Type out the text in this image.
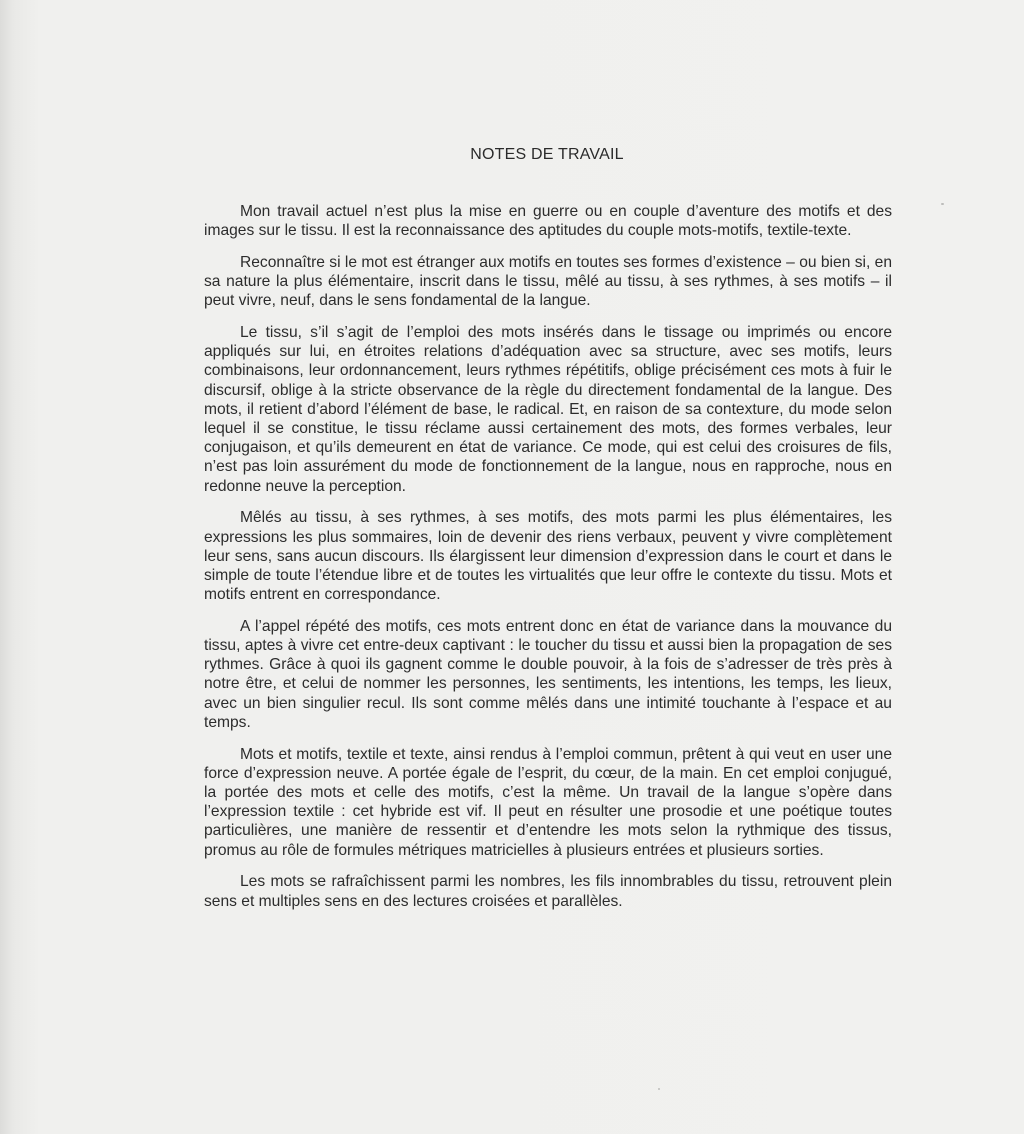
NOTES DE TRAVAIL

Mon travail actuel n’est plus la mise en guerre ou en couple d’aventure des motifs et des images sur le tissu. Il est la reconnaissance des aptitudes du couple mots-motifs, textile-texte.

Reconnaître si le mot est étranger aux motifs en toutes ses formes d’existence – ou bien si, en sa nature la plus élémentaire, inscrit dans le tissu, mêlé au tissu, à ses rythmes, à ses motifs – il peut vivre, neuf, dans le sens fondamental de la langue.

Le tissu, s’il s’agit de l’emploi des mots insérés dans le tissage ou imprimés ou encore appliqués sur lui, en étroites relations d’adéquation avec sa structure, avec ses motifs, leurs combinaisons, leur ordonnancement, leurs rythmes répétitifs, oblige précisément ces mots à fuir le discursif, oblige à la stricte observance de la règle du directement fondamental de la langue. Des mots, il retient d’abord l’élément de base, le radical. Et, en raison de sa contexture, du mode selon lequel il se constitue, le tissu réclame aussi certainement des mots, des formes verbales, leur conjugaison, et qu’ils demeurent en état de variance. Ce mode, qui est celui des croisures de fils, n’est pas loin assurément du mode de fonctionnement de la langue, nous en rapproche, nous en redonne neuve la perception.

Mêlés au tissu, à ses rythmes, à ses motifs, des mots parmi les plus élémentaires, les expressions les plus sommaires, loin de devenir des riens verbaux, peuvent y vivre complètement leur sens, sans aucun discours. Ils élargissent leur dimension d’expression dans le court et dans le simple de toute l’étendue libre et de toutes les virtualités que leur offre le contexte du tissu. Mots et motifs entrent en correspondance.

A l’appel répété des motifs, ces mots entrent donc en état de variance dans la mouvance du tissu, aptes à vivre cet entre-deux captivant : le toucher du tissu et aussi bien la propagation de ses rythmes. Grâce à quoi ils gagnent comme le double pouvoir, à la fois de s’adresser de très près à notre être, et celui de nommer les personnes, les sentiments, les intentions, les temps, les lieux, avec un bien singulier recul. Ils sont comme mêlés dans une intimité touchante à l’espace et au temps.

Mots et motifs, textile et texte, ainsi rendus à l’emploi commun, prêtent à qui veut en user une force d’expression neuve. A portée égale de l’esprit, du cœur, de la main. En cet emploi conjugué, la portée des mots et celle des motifs, c’est la même. Un travail de la langue s’opère dans l’expression textile : cet hybride est vif. Il peut en résulter une prosodie et une poétique toutes particulières, une manière de ressentir et d’entendre les mots selon la rythmique des tissus, promus au rôle de formules métriques matricielles à plusieurs entrées et plusieurs sorties.

Les mots se rafraîchissent parmi les nombres, les fils innombrables du tissu, retrouvent plein sens et multiples sens en des lectures croisées et parallèles.
